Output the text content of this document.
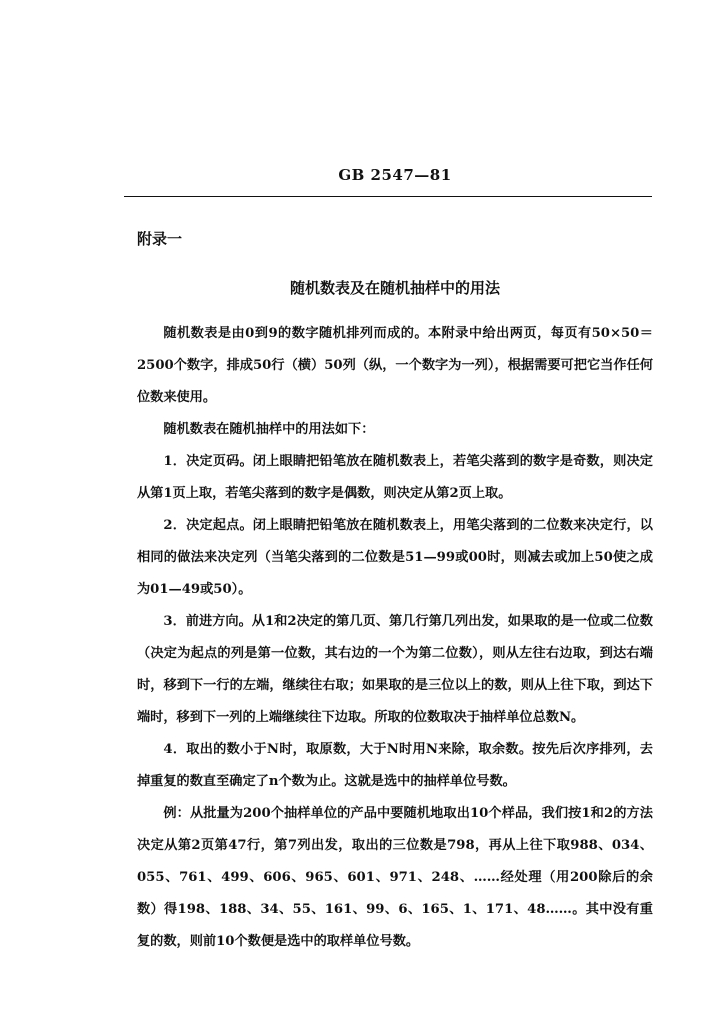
GB 2547—81
附录一
随机数表及在随机抽样中的用法

随机数表是由0到9的数字随机排列而成的。本附录中给出两页，每页有50×50＝2500个数字，排成50行（横）50列（纵，一个数字为一列），根据需要可把它当作任何位数来使用。

随机数表在随机抽样中的用法如下：

1．决定页码。闭上眼睛把铅笔放在随机数表上，若笔尖落到的数字是奇数，则决定从第1页上取，若笔尖落到的数字是偶数，则决定从第2页上取。

2．决定起点。闭上眼睛把铅笔放在随机数表上，用笔尖落到的二位数来决定行，以相同的做法来决定列（当笔尖落到的二位数是51—99或00时，则减去或加上50使之成为01—49或50）。

3．前进方向。从1和2决定的第几页、第几行第几列出发，如果取的是一位或二位数（决定为起点的列是第一位数，其右边的一个为第二位数），则从左往右边取，到达右端时，移到下一行的左端，继续往右取；如果取的是三位以上的数，则从上往下取，到达下端时，移到下一列的上端继续往下边取。所取的位数取决于抽样单位总数N。

4．取出的数小于N时，取原数，大于N时用N来除，取余数。按先后次序排列，去掉重复的数直至确定了n个数为止。这就是选中的抽样单位号数。

例：从批量为200个抽样单位的产品中要随机地取出10个样品，我们按1和2的方法决定从第2页第47行，第7列出发，取出的三位数是798，再从上往下取988、034、055、761、499、606、965、601、971、248、……经处理（用200除后的余数）得198、188、34、55、161、99、6、165、1、171、48……。其中没有重复的数，则前10个数便是选中的取样单位号数。
